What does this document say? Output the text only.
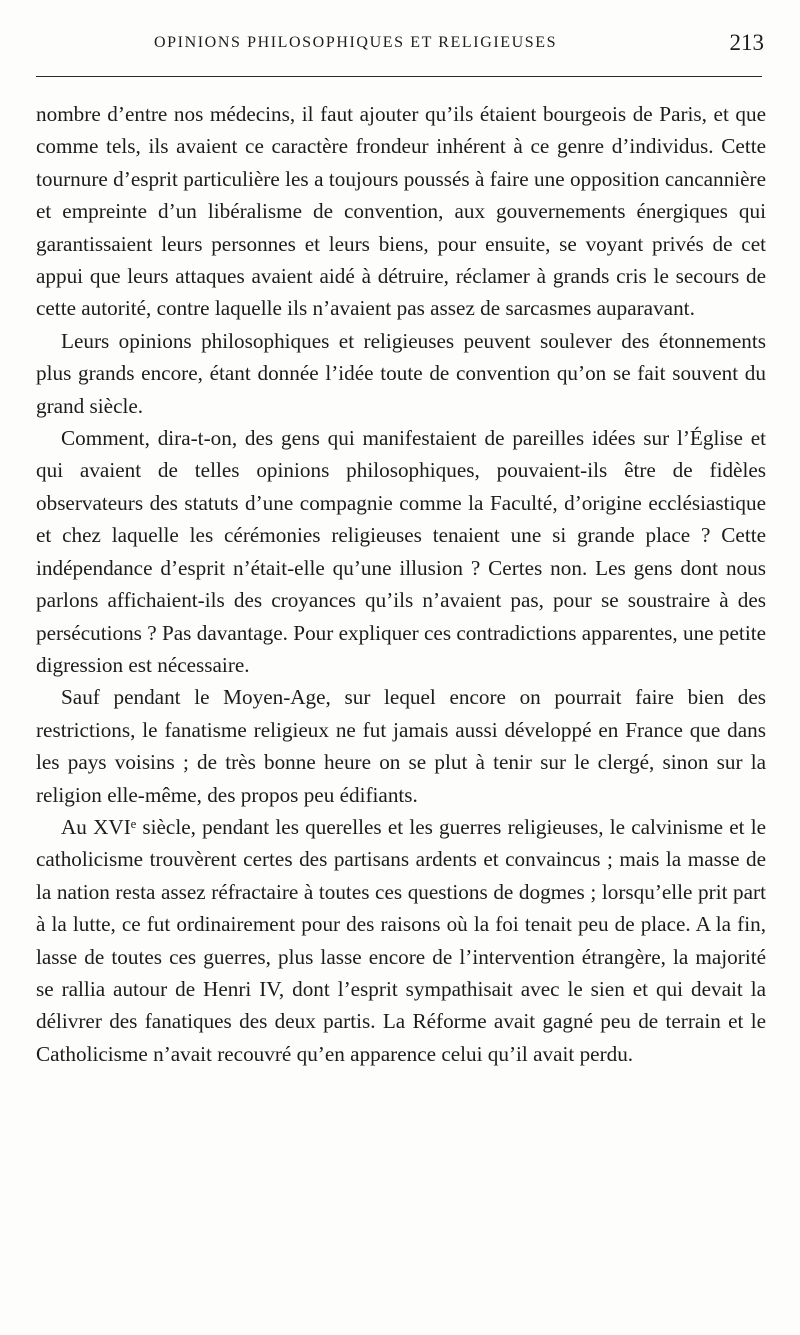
OPINIONS PHILOSOPHIQUES ET RELIGIEUSES	213

nombre d’entre nos médecins, il faut ajouter qu’ils étaient bourgeois de Paris, et que comme tels, ils avaient ce caractère frondeur inhérent à ce genre d’individus. Cette tournure d’esprit particulière les a toujours poussés à faire une opposition cancannière et empreinte d’un libéralisme de convention, aux gouvernements énergiques qui garantissaient leurs personnes et leurs biens, pour ensuite, se voyant privés de cet appui que leurs attaques avaient aidé à détruire, réclamer à grands cris le secours de cette autorité, contre laquelle ils n’avaient pas assez de sarcasmes auparavant.

Leurs opinions philosophiques et religieuses peuvent soulever des étonnements plus grands encore, étant donnée l’idée toute de convention qu’on se fait souvent du grand siècle.

Comment, dira-t-on, des gens qui manifestaient de pareilles idées sur l’Église et qui avaient de telles opinions philosophiques, pouvaient-ils être de fidèles observateurs des statuts d’une compagnie comme la Faculté, d’origine ecclésiastique et chez laquelle les cérémonies religieuses tenaient une si grande place ? Cette indépendance d’esprit n’était-elle qu’une illusion ? Certes non. Les gens dont nous parlons affichaient-ils des croyances qu’ils n’avaient pas, pour se soustraire à des persécutions ? Pas davantage. Pour expliquer ces contradictions apparentes, une petite digression est nécessaire.

Sauf pendant le Moyen-Age, sur lequel encore on pourrait faire bien des restrictions, le fanatisme religieux ne fut jamais aussi développé en France que dans les pays voisins ; de très bonne heure on se plut à tenir sur le clergé, sinon sur la religion elle-même, des propos peu édifiants.

Au XVIᵉ siècle, pendant les querelles et les guerres religieuses, le calvinisme et le catholicisme trouvèrent certes des partisans ardents et convaincus ; mais la masse de la nation resta assez réfractaire à toutes ces questions de dogmes ; lorsqu’elle prit part à la lutte, ce fut ordinairement pour des raisons où la foi tenait peu de place. A la fin, lasse de toutes ces guerres, plus lasse encore de l’intervention étrangère, la majorité se rallia autour de Henri IV, dont l’esprit sympathisait avec le sien et qui devait la délivrer des fanatiques des deux partis. La Réforme avait gagné peu de terrain et le Catholicisme n’avait recouvré qu’en apparence celui qu’il avait perdu.
